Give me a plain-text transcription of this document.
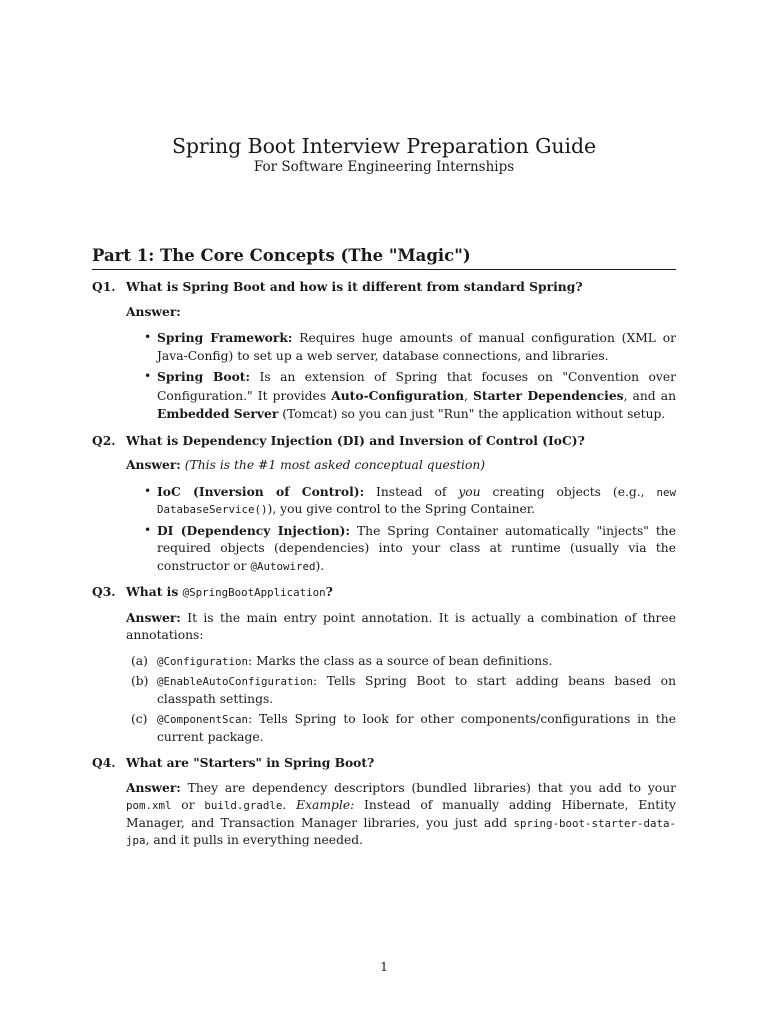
Spring Boot Interview Preparation Guide
For Software Engineering Internships
Part 1: The Core Concepts (The "Magic")
Q1. What is Spring Boot and how is it different from standard Spring?

Answer:

• Spring Framework: Requires huge amounts of manual configuration (XML or Java-Config) to set up a web server, database connections, and libraries.
• Spring Boot: Is an extension of Spring that focuses on "Convention over Configuration." It provides Auto-Configuration, Starter Dependencies, and an Embedded Server (Tomcat) so you can just "Run" the application without setup.
Q2. What is Dependency Injection (DI) and Inversion of Control (IoC)?

Answer: (This is the #1 most asked conceptual question)

• IoC (Inversion of Control): Instead of you creating objects (e.g., new DatabaseService()), you give control to the Spring Container.
• DI (Dependency Injection): The Spring Container automatically "injects" the required objects (dependencies) into your class at runtime (usually via the constructor or @Autowired).
Q3. What is @SpringBootApplication?

Answer: It is the main entry point annotation. It is actually a combination of three annotations:

(a) @Configuration: Marks the class as a source of bean definitions.
(b) @EnableAutoConfiguration: Tells Spring Boot to start adding beans based on classpath settings.
(c) @ComponentScan: Tells Spring to look for other components/configurations in the current package.
Q4. What are "Starters" in Spring Boot?

Answer: They are dependency descriptors (bundled libraries) that you add to your pom.xml or build.gradle. Example: Instead of manually adding Hibernate, Entity Manager, and Transaction Manager libraries, you just add spring-boot-starter-data-jpa, and it pulls in everything needed.

1
